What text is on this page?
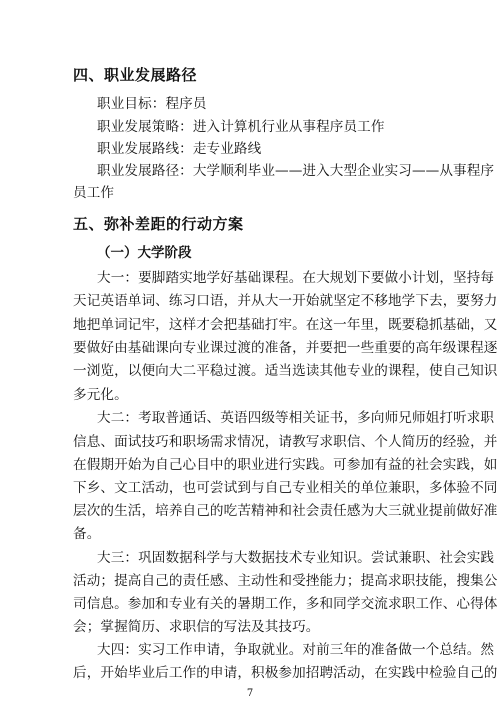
四、职业发展路径
职业目标：程序员
职业发展策略：进入计算机行业从事程序员工作
职业发展路线：走专业路线
职业发展路径：大学顺利毕业——进入大型企业实习——从事程序
员工作
五、弥补差距的行动方案
（一）大学阶段
大一：要脚踏实地学好基础课程。在大规划下要做小计划，坚持每
天记英语单词、练习口语，并从大一开始就坚定不移地学下去，要努力
地把单词记牢，这样才会把基础打牢。在这一年里，既要稳抓基础，又
要做好由基础课向专业课过渡的准备，并要把一些重要的高年级课程逐
一浏览，以便向大二平稳过渡。适当选读其他专业的课程，使自己知识
多元化。
大二：考取普通话、英语四级等相关证书，多向师兄师姐打听求职
信息、面试技巧和职场需求情况，请教写求职信、个人简历的经验，并
在假期开始为自己心目中的职业进行实践。可参加有益的社会实践，如
下乡、文工活动，也可尝试到与自己专业相关的单位兼职，多体验不同
层次的生活，培养自己的吃苦精神和社会责任感为大三就业提前做好准
备。
大三：巩固数据科学与大数据技术专业知识。尝试兼职、社会实践
活动；提高自己的责任感、主动性和受挫能力；提高求职技能，搜集公
司信息。参加和专业有关的暑期工作，多和同学交流求职工作、心得体
会；掌握简历、求职信的写法及其技巧。
大四：实习工作申请，争取就业。对前三年的准备做一个总结。然
后，开始毕业后工作的申请，积极参加招聘活动，在实践中检验自己的
7
